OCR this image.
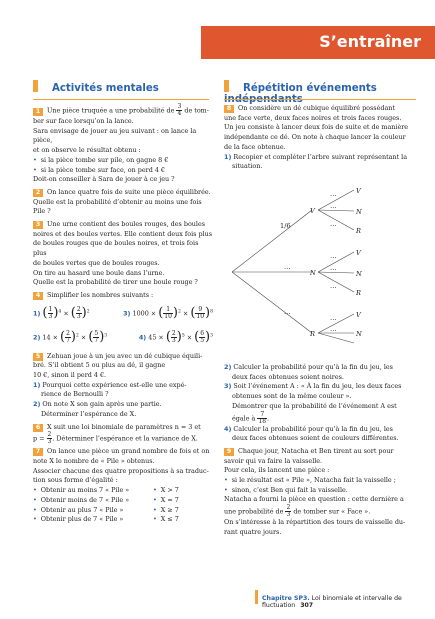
S’entraîner
Activités mentales

1 Une pièce truquée a une probabilité de $\frac{3}{4}$ de tom-

ber sur face lorsqu’on la lance.

Sara envisage de jouer au jeu suivant : on lance la pièce,

et on observe le résultat obtenu :

• si la pièce tombe sur pile, on gagne 8 €

• si la pièce tombe sur face, on perd 4 €

Doit-on conseiller à Sara de jouer à ce jeu ?

2 On lance quatre fois de suite une pièce équilibrée.

Quelle est la probabilité d’obtenir au moins une fois

Pile ?

3 Une urne contient des boules rouges, des boules

noires et des boules vertes. Elle contient deux fois plus

de boules rouges que de boules noires, et trois fois plus

de boules vertes que de boules rouges.

On tire au hasard une boule dans l’urne.

Quelle est la probabilité de tirer une boule rouge ?

4 Simplifier les nombres suivants :

1) ( $\frac{1}{3} )^4$ × ( $\frac{2}{3} )^2$	3) 1000 × ( $\frac{1}{10} )^2$ × ( $\frac{9}{10} )^8$
2) 14 × ( $\frac{2}{7} )^2$ × ( $\frac{5}{7} )^3$	4) 45 × ( $\frac{2}{3} )^5$ × ( $\frac{6}{5} )^3$

5 Zehuan joue à un jeu avec un dé cubique équili-

bré. S’il obtient 5 ou plus au dé, il gagne

10 €, sinon il perd 4 €.

1) Pourquoi cette expérience est-elle une expé-

rience de Bernoulli ?

2) On note X son gain après une partie.

Déterminer l’espérance de X.

6 X suit une loi binomiale de paramètres n = 3 et

$p = \frac{2}{3}$ . Déterminer l’espérance et la variance de X.

7 On lance une pièce un grand nombre de fois et on

note X le nombre de « Pile » obtenus.

Associer chacune des quatre propositions à sa traduc-

tion sous forme d’égalité :

• Obtenir au moins 7 « Pile »	• X > 7

• Obtenir moins de 7 « Pile »	• X = 7

• Obtenir au plus 7 « Pile »	• X ≥ 7

• Obtenir plus de 7 « Pile »	• X ≤ 7

Répétition événements

8 On considère un dé cubique équilibré possédant

une face verte, deux faces noires et trois faces rouges.

Un jeu consiste à lancer deux fois de suite et de manière

indépendante ce dé. On note à chaque lancer la couleur

de la face obtenue.

1) Recopier et compléter l’arbre suivant représentant la

situation.

1/6
…
…
V
N
R
…
…
…
…
…
…
…
…
V
N
R
V
N
R
V
N

2) Calculer la probabilité pour qu’à la fin du jeu, les

deux faces obtenues soient noires.

3) Soit l’événement A : « À la fin du jeu, les deux faces

obtenues sont de la même couleur ».

Démontrer que la probabilité de l’événement A est

égale à $\frac{7}{18}$ .

4) Calculer la probabilité pour qu’à la fin du jeu, les

deux faces obtenues soient de couleurs différentes.

9 Chaque jour, Natacha et Ben tirent au sort pour

savoir qui va faire la vaisselle.

Pour cela, ils lancent une pièce :

• si le résultat est « Pile », Natacha fait la vaisselle ;

• sinon, c’est Ben qui fait la vaisselle.

Natacha a fourni la pièce en question : cette dernière a

une probabilité de $\frac{2}{3}$ de tomber sur « Face ».

On s’intéresse à la répartition des tours de vaisselle du-

rant quatre jours.

Chapitre SP3. Loi binomiale et intervalle de fluctuation 307
